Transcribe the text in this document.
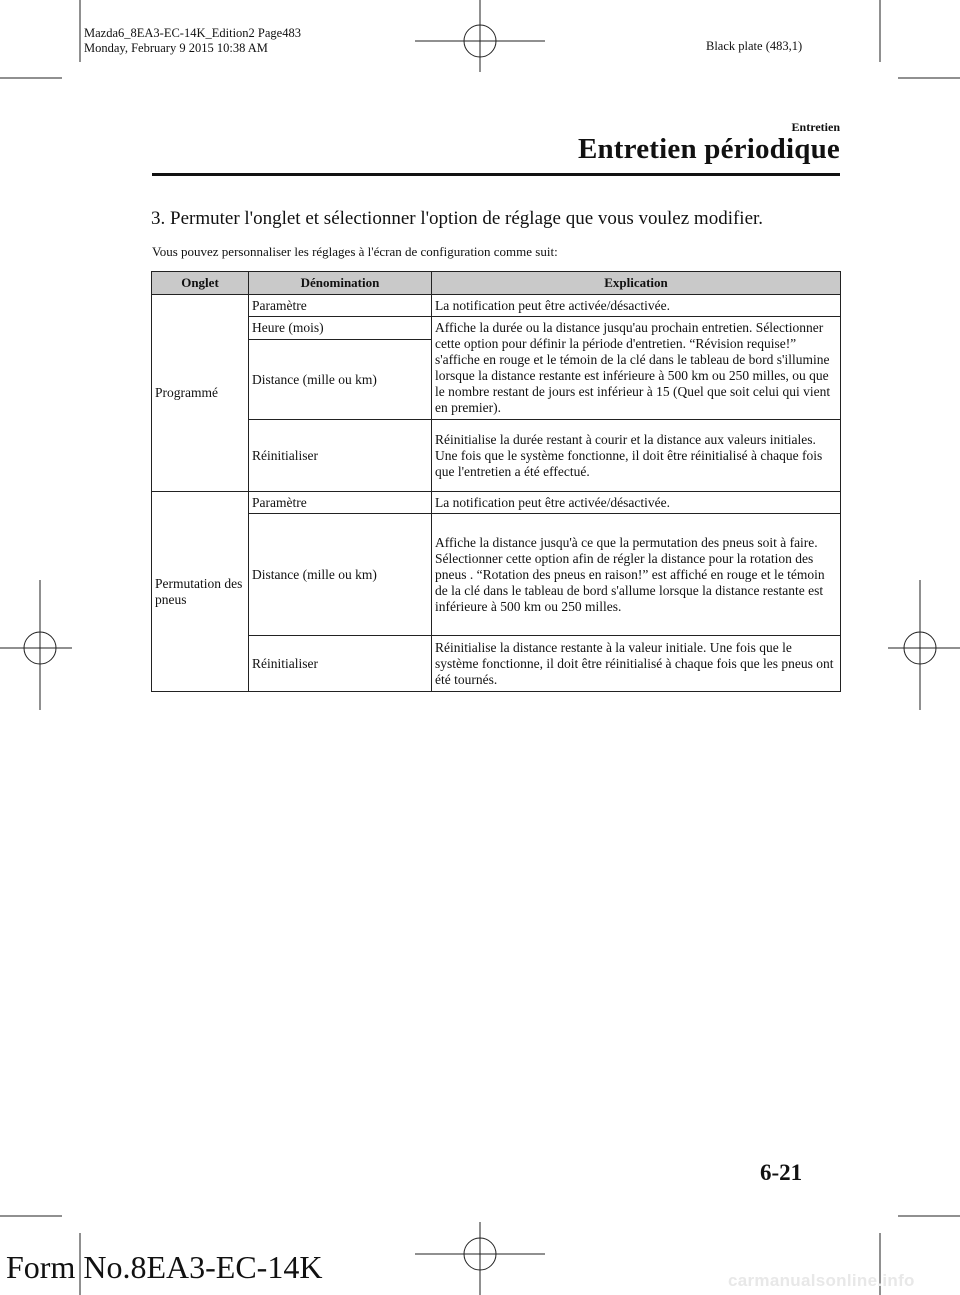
Mazda6_8EA3-EC-14K_Edition2 Page483
Monday, February 9 2015 10:38 AM	Black plate (483,1)
Entretien
Entretien périodique
3. Permuter l'onglet et sélectionner l'option de réglage que vous voulez modifier.
Vous pouvez personnaliser les réglages à l'écran de configuration comme suit:
Onglet	Dénomination	Explication
Programmé	Paramètre	La notification peut être activée/désactivée.
	Heure (mois)	Affiche la durée ou la distance jusqu'au prochain entretien. Sélectionner cette option pour définir la période d'entretien. “Révision requise!” s'affiche en rouge et le témoin de la clé dans le tableau de bord s'illumine lorsque la distance restante est inférieure à 500 km ou 250 milles, ou que le nombre restant de jours est inférieur à 15 (Quel que soit celui qui vient en premier).
	Distance (mille ou km)	
	Réinitialiser	Réinitialise la durée restant à courir et la distance aux valeurs initiales. Une fois que le système fonctionne, il doit être réinitialisé à chaque fois que l'entretien a été effectué.
Permutation des pneus	Paramètre	La notification peut être activée/désactivée.
	Distance (mille ou km)	Affiche la distance jusqu'à ce que la permutation des pneus soit à faire. Sélectionner cette option afin de régler la distance pour la rotation des pneus . “Rotation des pneus en raison!” est affiché en rouge et le témoin de la clé dans le tableau de bord s'allume lorsque la distance restante est inférieure à 500 km ou 250 milles.
	Réinitialiser	Réinitialise la distance restante à la valeur initiale. Une fois que le système fonctionne, il doit être réinitialisé à chaque fois que les pneus ont été tournés.
6-21
Form No.8EA3-EC-14K	carmanualsonline.info
